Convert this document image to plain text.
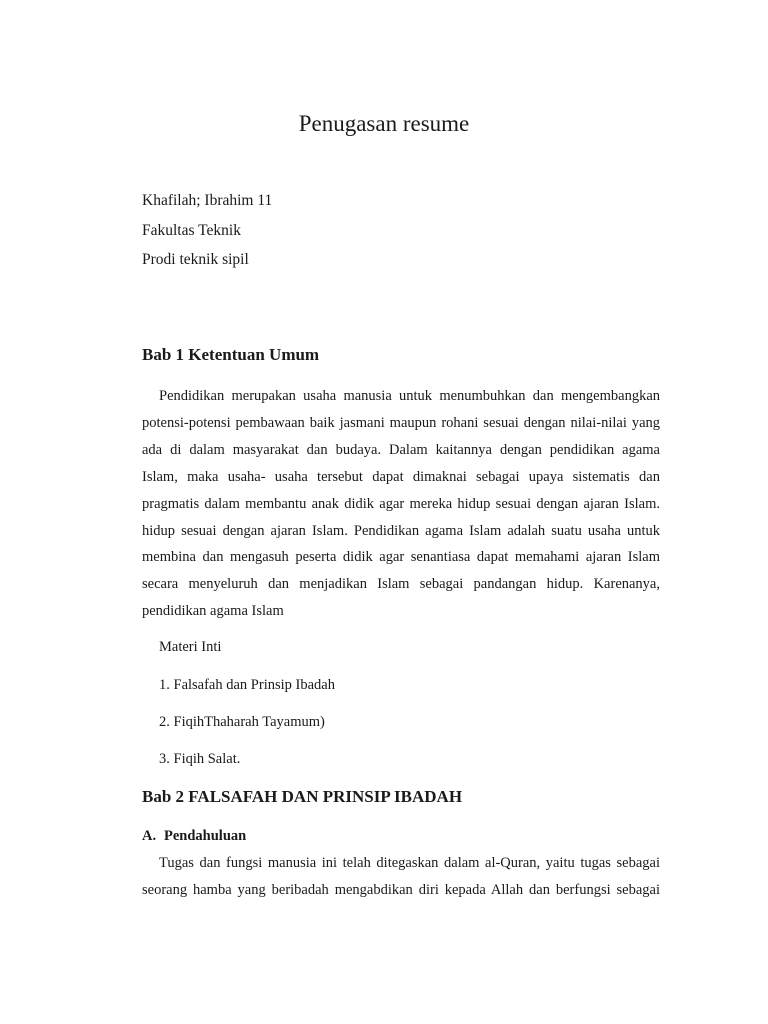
Penugasan resume
Khafilah; Ibrahim 11
Fakultas Teknik
Prodi teknik sipil
Bab 1 Ketentuan Umum
Pendidikan merupakan usaha manusia untuk menumbuhkan dan mengembangkan
potensi-potensi pembawaan baik jasmani maupun rohani sesuai dengan nilai-nilai yang
ada di dalam masyarakat dan budaya. Dalam kaitannya dengan pendidikan agama
Islam, maka usaha- usaha tersebut dapat dimaknai sebagai upaya sistematis dan
pragmatis dalam membantu anak didik agar mereka hidup sesuai dengan ajaran Islam.
hidup sesuai dengan ajaran Islam. Pendidikan agama Islam adalah suatu usaha untuk
membina dan mengasuh peserta didik agar senantiasa dapat memahami ajaran Islam
secara menyeluruh dan menjadikan Islam sebagai pandangan hidup. Karenanya,
pendidikan agama Islam
Materi Inti
1. Falsafah dan Prinsip Ibadah
2. FiqihThaharah Tayamum)
3. Fiqih Salat.
Bab 2 FALSAFAH DAN PRINSIP IBADAH
A. Pendahuluan
Tugas dan fungsi manusia ini telah ditegaskan dalam al-Quran, yaitu tugas sebagai
seorang hamba yang beribadah mengabdikan diri kepada Allah dan berfungsi sebagai
